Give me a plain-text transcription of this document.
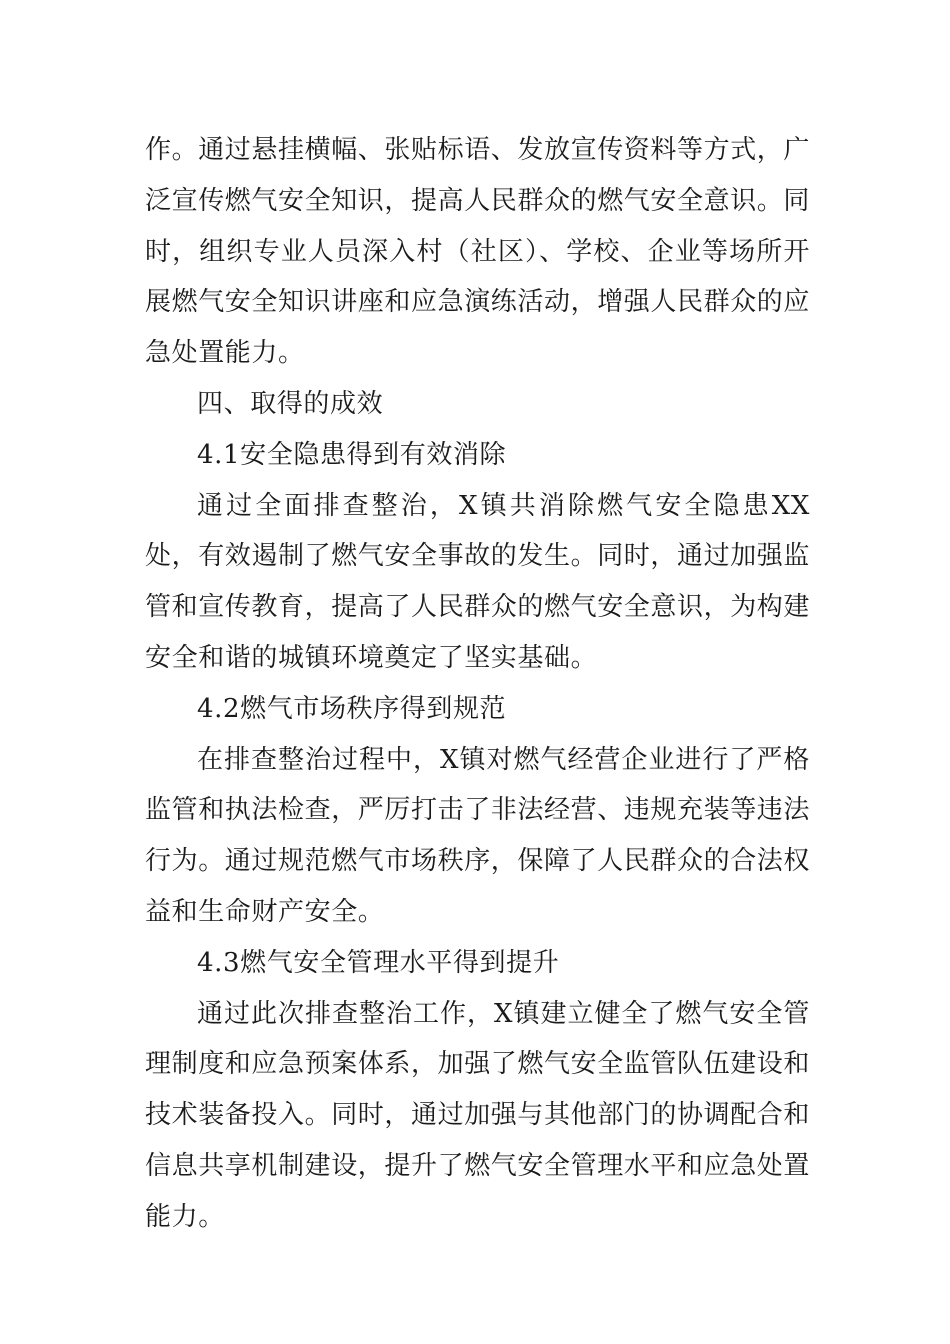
作。通过悬挂横幅、张贴标语、发放宣传资料等方式，广泛宣传燃气安全知识，提高人民群众的燃气安全意识。同时，组织专业人员深入村（社区）、学校、企业等场所开展燃气安全知识讲座和应急演练活动，增强人民群众的应急处置能力。

四、取得的成效

4.1安全隐患得到有效消除

通过全面排查整治，X镇共消除燃气安全隐患XX处，有效遏制了燃气安全事故的发生。同时，通过加强监管和宣传教育，提高了人民群众的燃气安全意识，为构建安全和谐的城镇环境奠定了坚实基础。

4.2燃气市场秩序得到规范

在排查整治过程中，X镇对燃气经营企业进行了严格监管和执法检查，严厉打击了非法经营、违规充装等违法行为。通过规范燃气市场秩序，保障了人民群众的合法权益和生命财产安全。

4.3燃气安全管理水平得到提升

通过此次排查整治工作，X镇建立健全了燃气安全管理制度和应急预案体系，加强了燃气安全监管队伍建设和技术装备投入。同时，通过加强与其他部门的协调配合和信息共享机制建设，提升了燃气安全管理水平和应急处置能力。
